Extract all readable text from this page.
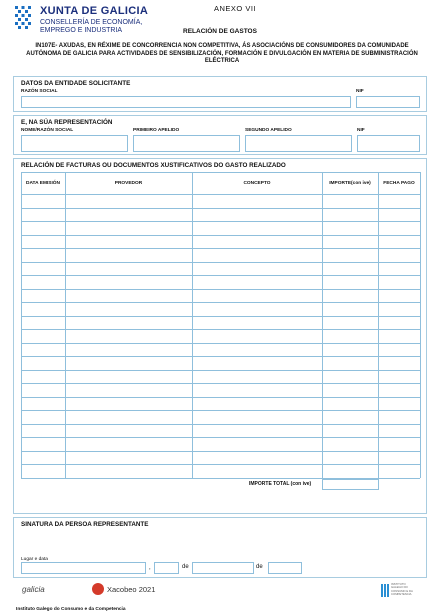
XUNTA DE GALICIA
CONSELLERÍA DE ECONOMÍA,
EMPREGO E INDUSTRIA
ANEXO VII
RELACIÓN DE GASTOS
IN107E- AXUDAS, EN RÉXIME DE CONCORRENCIA NON COMPETITIVA, ÁS ASOCIACIÓNS DE CONSUMIDORES DA COMUNIDADE AUTÓNOMA DE GALICIA PARA ACTIVIDADES DE SENSIBILIZACIÓN, FORMACIÓN E DIVULGACIÓN EN MATERIA DE SUBMINISTRACIÓN ELÉCTRICA
DATOS DA ENTIDADE SOLICITANTE
RAZÓN SOCIAL	NIF
E, NA SÚA REPRESENTACIÓN
NOME/RAZÓN SOCIAL	PRIMEIRO APELIDO	SEGUNDO APELIDO	NIF
RELACIÓN DE FACTURAS OU DOCUMENTOS XUSTIFICATIVOS DO GASTO REALIZADO
DATA EMISIÓN	PROVEDOR	CONCEPTO	IMPORTE(con ive)	FECHA PAGO
IMPORTE TOTAL (con ive)
SINATURA DA PERSOA REPRESENTANTE
Lugar e data
,	de	de
galicia	Xacobeo 2021
INSTITUTO
GALEGO DO
CONSUMO E DA
COMPETENCIA
Instituto Galego do Consumo e da Competencia
